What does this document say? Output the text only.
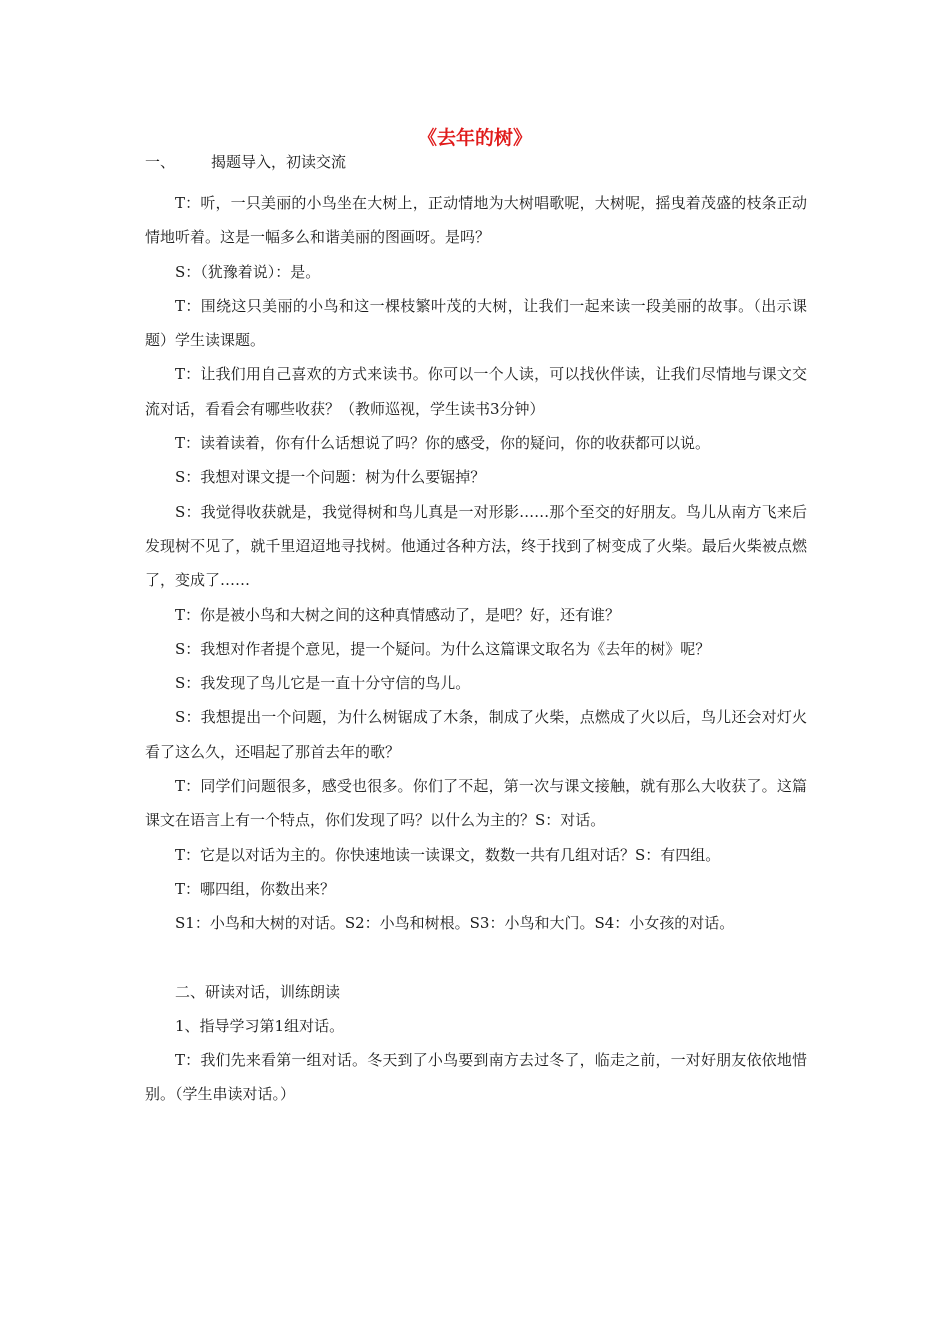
《去年的树》
一、 揭题导入，初读交流

T：听，一只美丽的小鸟坐在大树上，正动情地为大树唱歌呢，大树呢，摇曳着茂盛的枝条正动情地听着。这是一幅多么和谐美丽的图画呀。是吗？

S：（犹豫着说）：是。

T：围绕这只美丽的小鸟和这一棵枝繁叶茂的大树，让我们一起来读一段美丽的故事。（出示课题）学生读课题。

T：让我们用自己喜欢的方式来读书。你可以一个人读，可以找伙伴读，让我们尽情地与课文交流对话，看看会有哪些收获？（教师巡视，学生读书3分钟）

T：读着读着，你有什么话想说了吗？你的感受，你的疑问，你的收获都可以说。

S：我想对课文提一个问题：树为什么要锯掉？

S：我觉得收获就是，我觉得树和鸟儿真是一对形影……那个至交的好朋友。鸟儿从南方飞来后发现树不见了，就千里迢迢地寻找树。他通过各种方法，终于找到了树变成了火柴。最后火柴被点燃了，变成了……

T：你是被小鸟和大树之间的这种真情感动了，是吧？好，还有谁？

S：我想对作者提个意见，提一个疑问。为什么这篇课文取名为《去年的树》呢？

S：我发现了鸟儿它是一直十分守信的鸟儿。

S：我想提出一个问题，为什么树锯成了木条，制成了火柴，点燃成了火以后，鸟儿还会对灯火看了这么久，还唱起了那首去年的歌？

T：同学们问题很多，感受也很多。你们了不起，第一次与课文接触，就有那么大收获了。这篇课文在语言上有一个特点，你们发现了吗？以什么为主的？S：对话。

T：它是以对话为主的。你快速地读一读课文，数数一共有几组对话？S：有四组。

T：哪四组，你数出来？

S1：小鸟和大树的对话。S2：小鸟和树根。S3：小鸟和大门。S4：小女孩的对话。

二、研读对话，训练朗读

1、指导学习第1组对话。

T：我们先来看第一组对话。冬天到了小鸟要到南方去过冬了，临走之前，一对好朋友依依地惜别。（学生串读对话。）
